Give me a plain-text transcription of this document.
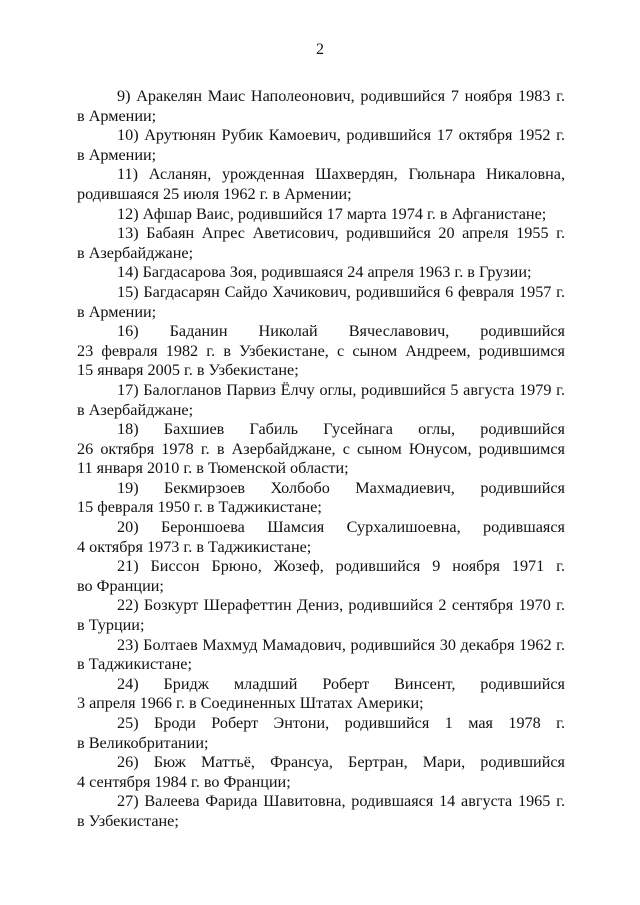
2

9) Аракелян Маис Наполеонович, родившийся 7 ноября 1983 г.
в Армении;

10) Арутюнян Рубик Камоевич, родившийся 17 октября 1952 г.
в Армении;

11) Асланян, урожденная Шахвердян, Гюльнара Никаловна,
родившаяся 25 июля 1962 г. в Армении;

12) Афшар Ваис, родившийся 17 марта 1974 г. в Афганистане;

13) Бабаян Апрес Аветисович, родившийся 20 апреля 1955 г.
в Азербайджане;

14) Багдасарова Зоя, родившаяся 24 апреля 1963 г. в Грузии;

15) Багдасарян Сайдо Хачикович, родившийся 6 февраля 1957 г.
в Армении;

16) Баданин Николай Вячеславович, родившийся
23 февраля 1982 г. в Узбекистане, с сыном Андреем, родившимся
15 января 2005 г. в Узбекистане;

17) Балогланов Парвиз Ёлчу оглы, родившийся 5 августа 1979 г.
в Азербайджане;

18) Бахшиев Габиль Гусейнага оглы, родившийся
26 октября 1978 г. в Азербайджане, с сыном Юнусом, родившимся
11 января 2010 г. в Тюменской области;

19) Бекмирзоев Холбобо Махмадиевич, родившийся
15 февраля 1950 г. в Таджикистане;

20) Бероншоева Шамсия Сурхалишоевна, родившаяся
4 октября 1973 г. в Таджикистане;

21) Биссон Брюно, Жозеф, родившийся 9 ноября 1971 г.
во Франции;

22) Бозкурт Шерафеттин Дениз, родившийся 2 сентября 1970 г.
в Турции;

23) Болтаев Махмуд Мамадович, родившийся 30 декабря 1962 г.
в Таджикистане;

24) Бридж младший Роберт Винсент, родившийся
3 апреля 1966 г. в Соединенных Штатах Америки;

25) Броди Роберт Энтони, родившийся 1 мая 1978 г.
в Великобритании;

26) Бюж Маттьё, Франсуа, Бертран, Мари, родившийся
4 сентября 1984 г. во Франции;

27) Валеева Фарида Шавитовна, родившаяся 14 августа 1965 г.
в Узбекистане;
